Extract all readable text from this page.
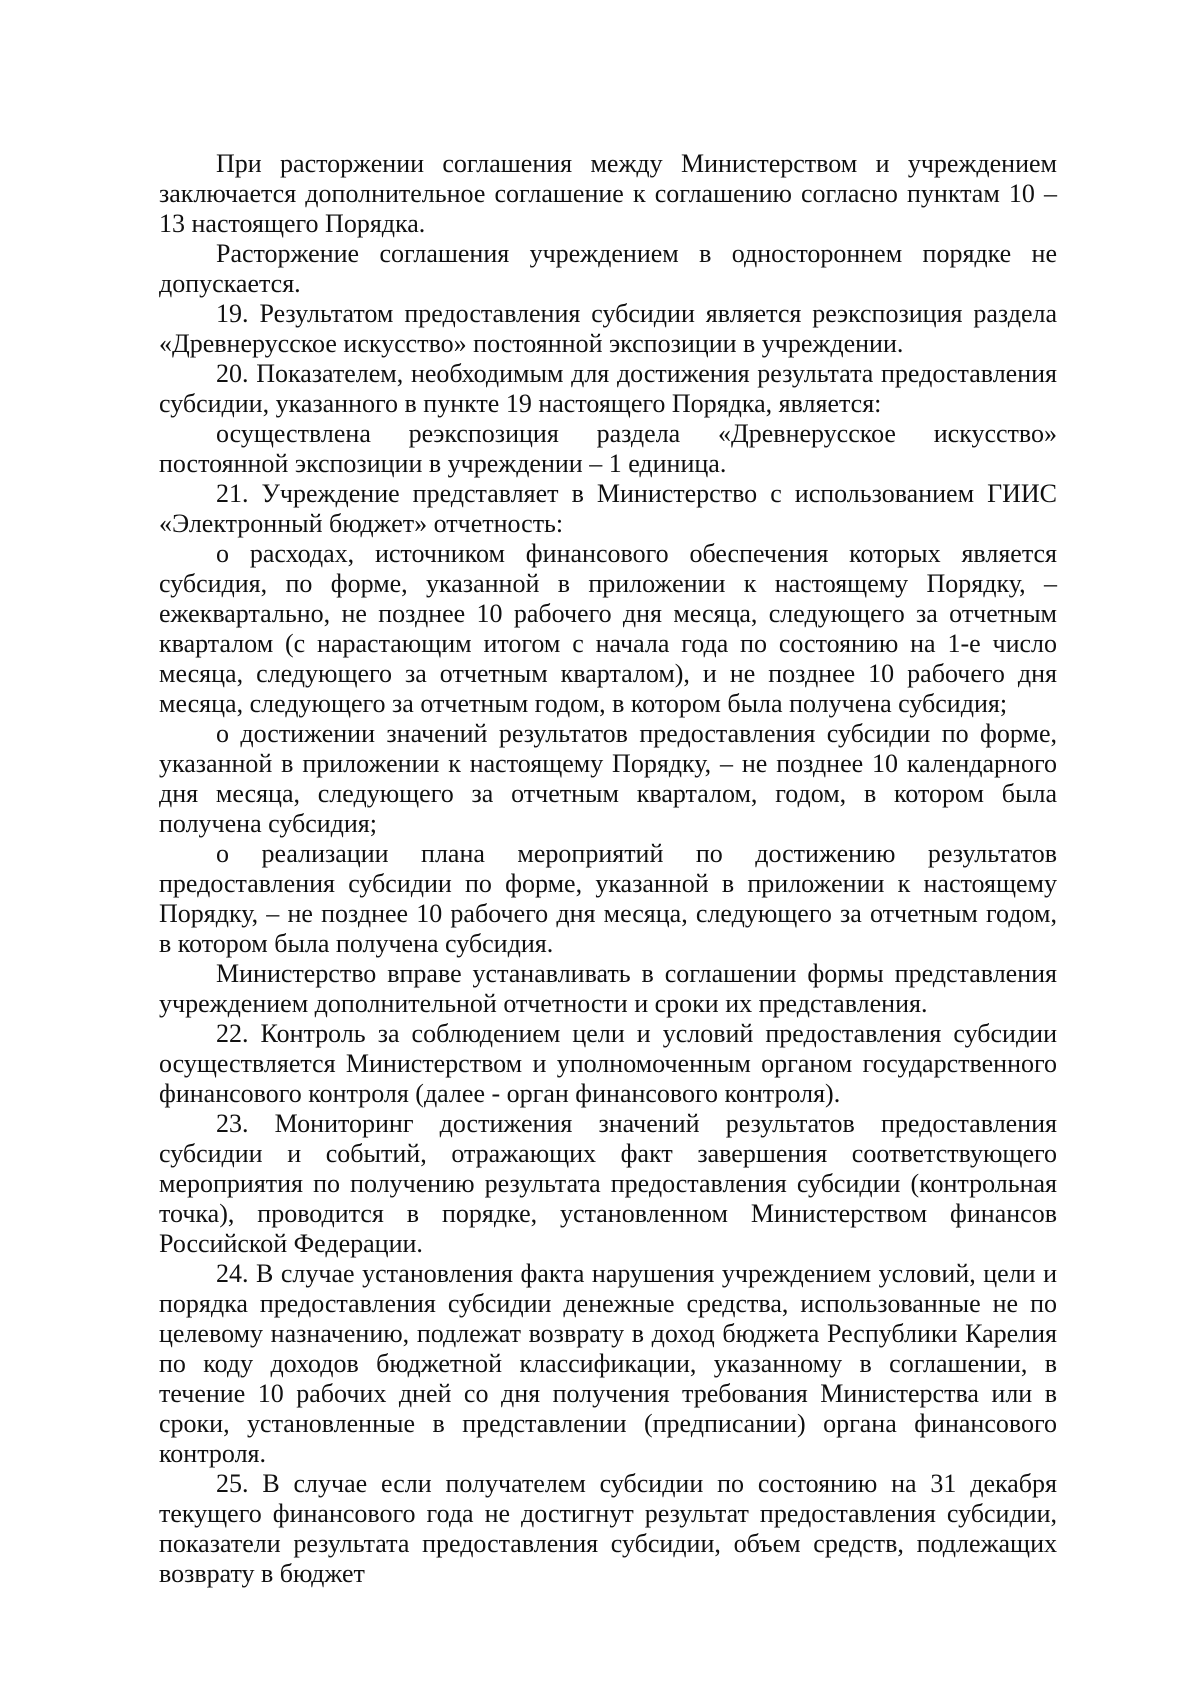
При расторжении соглашения между Министерством и учреждением заключается дополнительное соглашение к соглашению согласно пунктам 10 – 13 настоящего Порядка.

Расторжение соглашения учреждением в одностороннем порядке не допускается.

19. Результатом предоставления субсидии является реэкспозиция раздела «Древнерусское искусство» постоянной экспозиции в учреждении.

20. Показателем, необходимым для достижения результата предоставления субсидии, указанного в пункте 19 настоящего Порядка, является:

осуществлена реэкспозиция раздела «Древнерусское искусство» постоянной экспозиции в учреждении – 1 единица.

21. Учреждение представляет в Министерство с использованием ГИИС «Электронный бюджет» отчетность:

о расходах, источником финансового обеспечения которых является субсидия, по форме, указанной в приложении к настоящему Порядку, – ежеквартально, не позднее 10 рабочего дня месяца, следующего за отчетным кварталом (с нарастающим итогом с начала года по состоянию на 1-е число месяца, следующего за отчетным кварталом), и не позднее 10 рабочего дня месяца, следующего за отчетным годом, в котором была получена субсидия;

о достижении значений результатов предоставления субсидии по форме, указанной в приложении к настоящему Порядку, – не позднее 10 календарного дня месяца, следующего за отчетным кварталом, годом, в котором была получена субсидия;

о реализации плана мероприятий по достижению результатов предоставления субсидии по форме, указанной в приложении к настоящему Порядку, – не позднее 10 рабочего дня месяца, следующего за отчетным годом, в котором была получена субсидия.

Министерство вправе устанавливать в соглашении формы представления учреждением дополнительной отчетности и сроки их представления.

22. Контроль за соблюдением цели и условий предоставления субсидии осуществляется Министерством и уполномоченным органом государственного финансового контроля (далее - орган финансового контроля).

23. Мониторинг достижения значений результатов предоставления субсидии и событий, отражающих факт завершения соответствующего мероприятия по получению результата предоставления субсидии (контрольная точка), проводится в порядке, установленном Министерством финансов Российской Федерации.

24. В случае установления факта нарушения учреждением условий, цели и порядка предоставления субсидии денежные средства, использованные не по целевому назначению, подлежат возврату в доход бюджета Республики Карелия по коду доходов бюджетной классификации, указанному в соглашении, в течение 10 рабочих дней со дня получения требования Министерства или в сроки, установленные в представлении (предписании) органа финансового контроля.

25. В случае если получателем субсидии по состоянию на 31 декабря текущего финансового года не достигнут результат предоставления субсидии, показатели результата предоставления субсидии, объем средств, подлежащих возврату в бюджет
